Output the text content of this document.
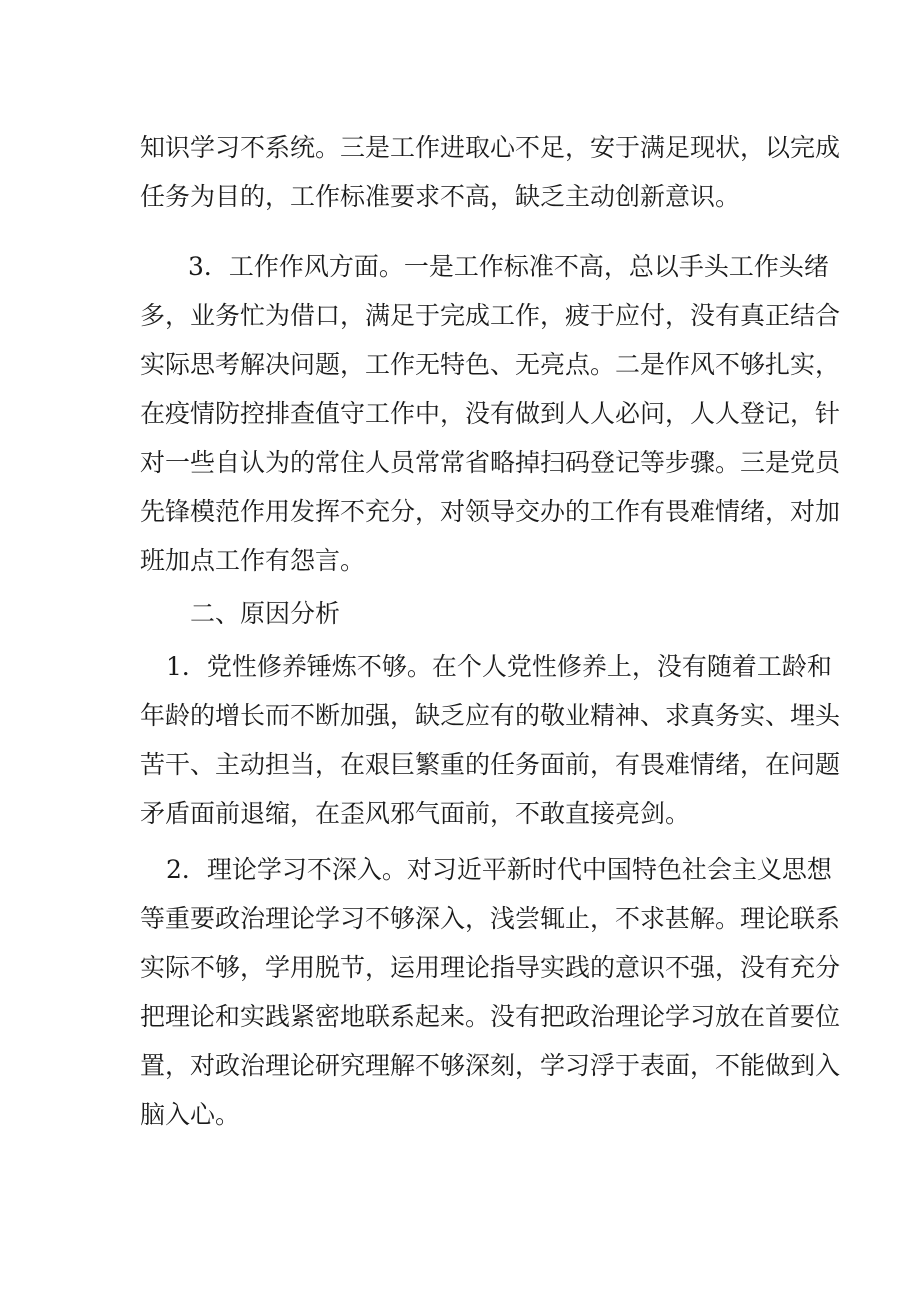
知识学习不系统。三是工作进取心不足，安于满足现状，以完成
任务为目的，工作标准要求不高，缺乏主动创新意识。
3．工作作风方面。一是工作标准不高，总以手头工作头绪
多，业务忙为借口，满足于完成工作，疲于应付，没有真正结合
实际思考解决问题，工作无特色、无亮点。二是作风不够扎实，
在疫情防控排查值守工作中，没有做到人人必问，人人登记，针
对一些自认为的常住人员常常省略掉扫码登记等步骤。三是党员
先锋模范作用发挥不充分，对领导交办的工作有畏难情绪，对加
班加点工作有怨言。
二、原因分析
1．党性修养锤炼不够。在个人党性修养上，没有随着工龄和
年龄的增长而不断加强，缺乏应有的敬业精神、求真务实、埋头
苦干、主动担当，在艰巨繁重的任务面前，有畏难情绪，在问题
矛盾面前退缩，在歪风邪气面前，不敢直接亮剑。
2．理论学习不深入。对习近平新时代中国特色社会主义思想
等重要政治理论学习不够深入，浅尝辄止，不求甚解。理论联系
实际不够，学用脱节，运用理论指导实践的意识不强，没有充分
把理论和实践紧密地联系起来。没有把政治理论学习放在首要位
置，对政治理论研究理解不够深刻，学习浮于表面，不能做到入
脑入心。
